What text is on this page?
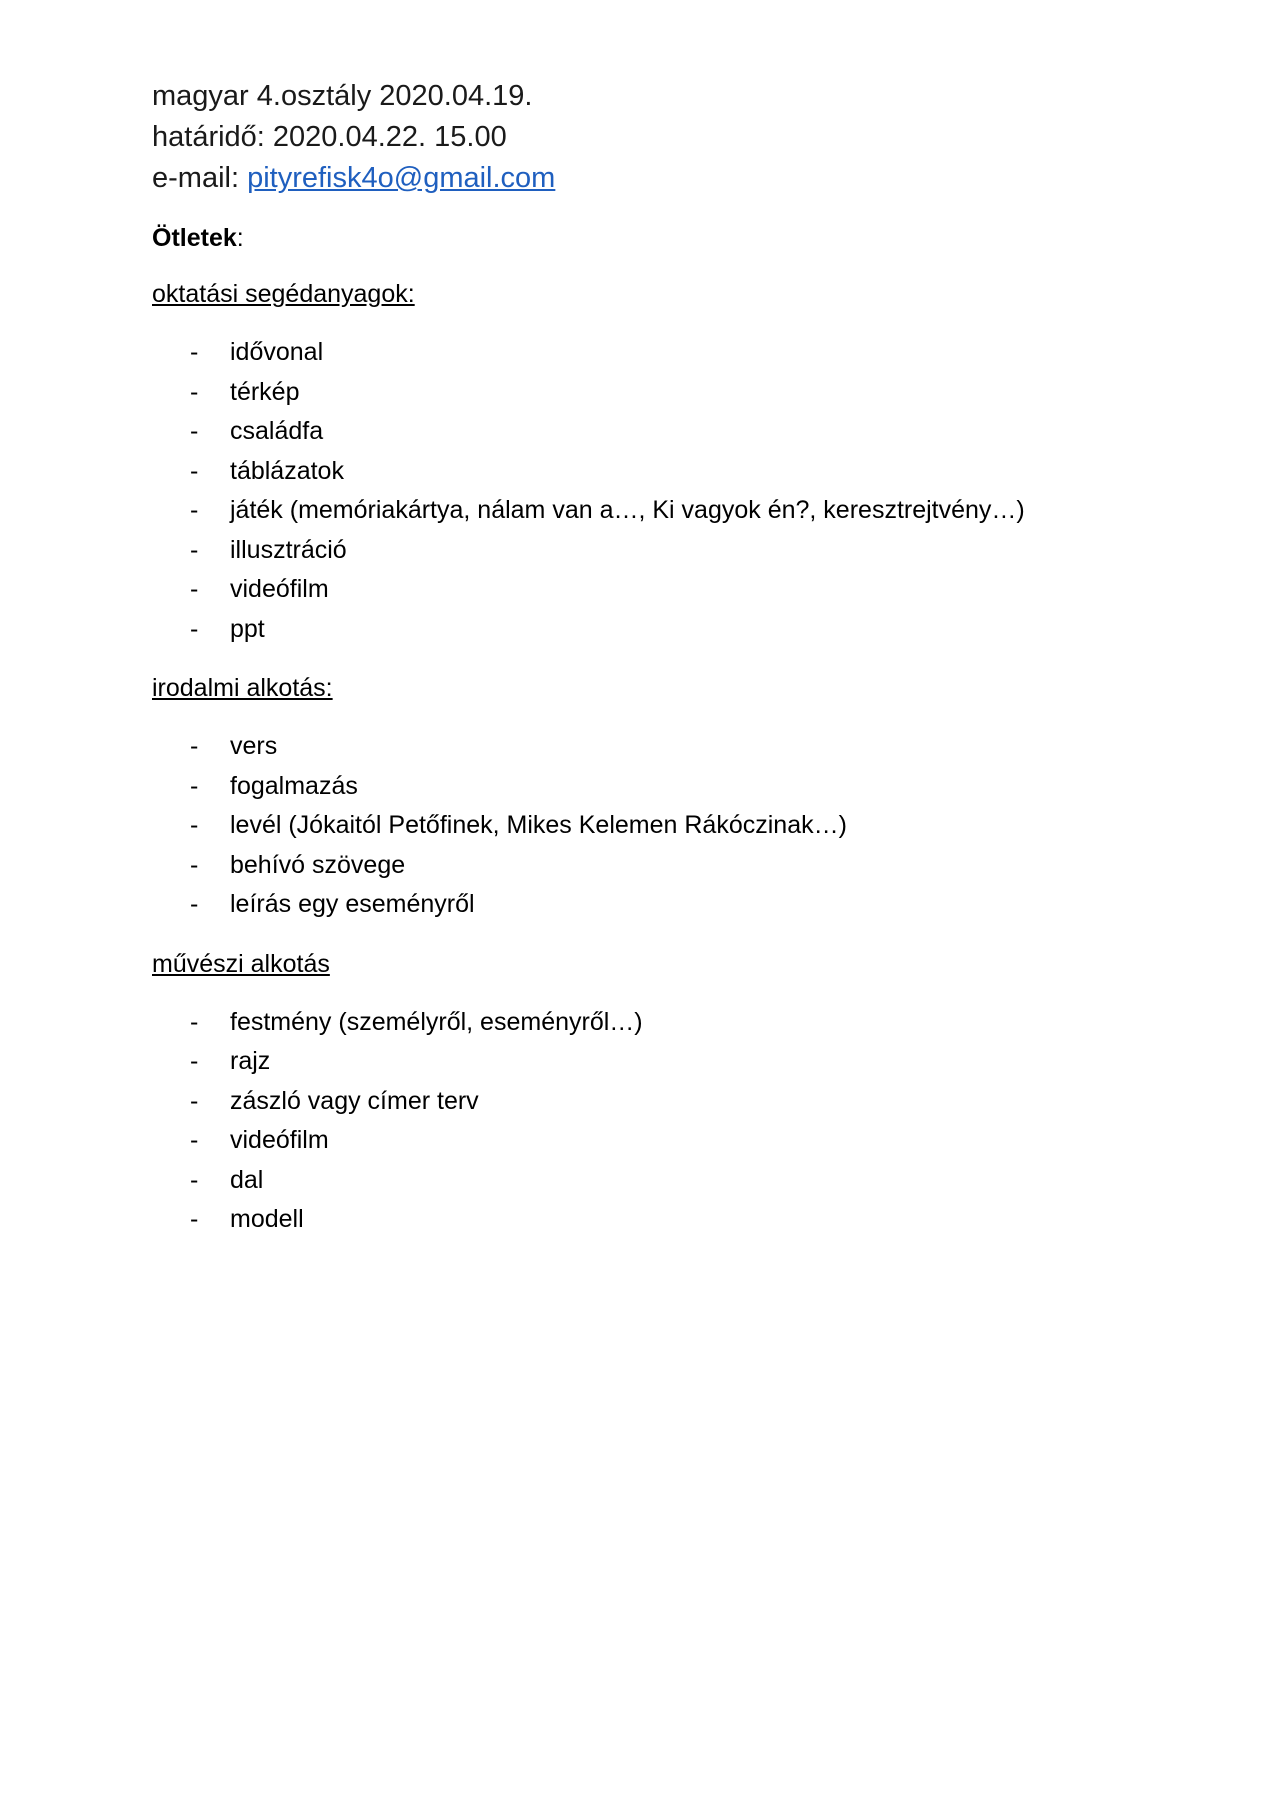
magyar 4.osztály 2020.04.19.
határidő: 2020.04.22. 15.00
e-mail: pityrefisk4o@gmail.com
Ötletek:
oktatási segédanyagok:
- idővonal
- térkép
- családfa
- táblázatok
- játék (memóriakártya, nálam van a…, Ki vagyok én?, keresztrejtvény…)
- illusztráció
- videófilm
- ppt
irodalmi alkotás:
- vers
- fogalmazás
- levél (Jókaitól Petőfinek, Mikes Kelemen Rákóczinak…)
- behívó szövege
- leírás egy eseményről
művészi alkotás
- festmény (személyről, eseményről…)
- rajz
- zászló vagy címer terv
- videófilm
- dal
- modell
